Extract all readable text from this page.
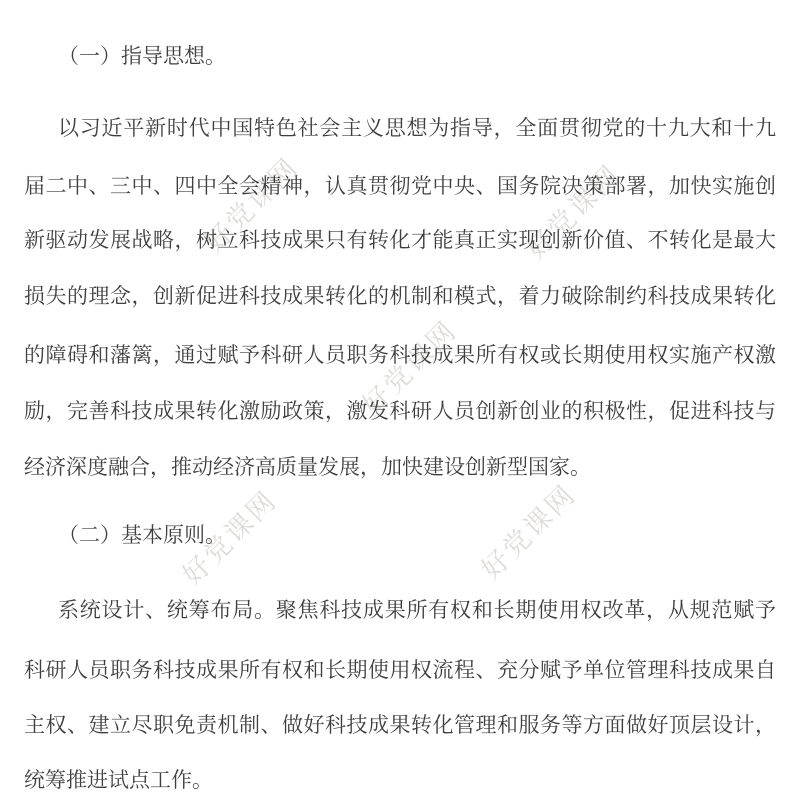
好党课网	好党课网
好党课网
好党课网	好党课网
（一）指导思想。
以习近平新时代中国特色社会主义思想为指导，全面贯彻党的十九大和十九
届二中、三中、四中全会精神，认真贯彻党中央、国务院决策部署，加快实施创
新驱动发展战略，树立科技成果只有转化才能真正实现创新价值、不转化是最大
损失的理念，创新促进科技成果转化的机制和模式，着力破除制约科技成果转化
的障碍和藩篱，通过赋予科研人员职务科技成果所有权或长期使用权实施产权激
励，完善科技成果转化激励政策，激发科研人员创新创业的积极性，促进科技与
经济深度融合，推动经济高质量发展，加快建设创新型国家。
（二）基本原则。
系统设计、统筹布局。聚焦科技成果所有权和长期使用权改革，从规范赋予
科研人员职务科技成果所有权和长期使用权流程、充分赋予单位管理科技成果自
主权、建立尽职免责机制、做好科技成果转化管理和服务等方面做好顶层设计，
统筹推进试点工作。
